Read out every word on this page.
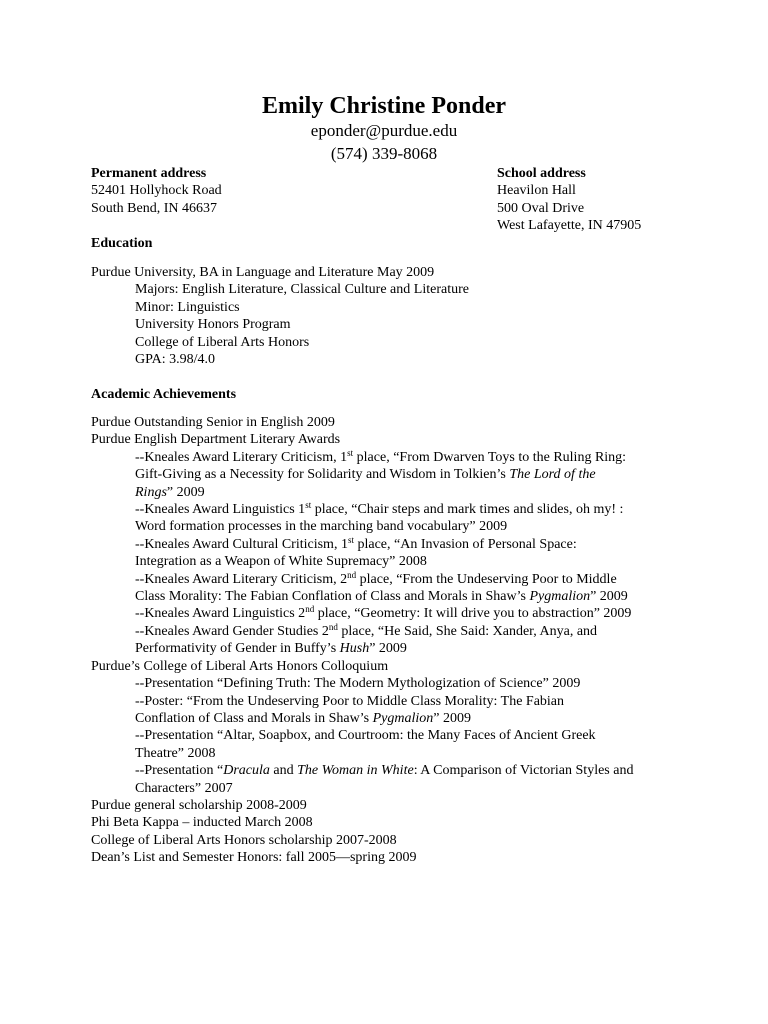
Emily Christine Ponder
eponder@purdue.edu
(574) 339-8068
Permanent address
52401 Hollyhock Road
South Bend, IN 46637
School address
Heavilon Hall
500 Oval Drive
West Lafayette, IN 47905
Education
Purdue University, BA in Language and Literature May 2009
Majors: English Literature, Classical Culture and Literature
Minor: Linguistics
University Honors Program
College of Liberal Arts Honors
GPA: 3.98/4.0
Academic Achievements
Purdue Outstanding Senior in English 2009
Purdue English Department Literary Awards
--Kneales Award Literary Criticism, 1st place, “From Dwarven Toys to the Ruling Ring:
Gift-Giving as a Necessity for Solidarity and Wisdom in Tolkien’s The Lord of the
Rings” 2009
--Kneales Award Linguistics 1st place, “Chair steps and mark times and slides, oh my! :
Word formation processes in the marching band vocabulary” 2009
--Kneales Award Cultural Criticism, 1st place, “An Invasion of Personal Space:
Integration as a Weapon of White Supremacy” 2008
--Kneales Award Literary Criticism, 2nd place, “From the Undeserving Poor to Middle
Class Morality: The Fabian Conflation of Class and Morals in Shaw’s Pygmalion” 2009
--Kneales Award Linguistics 2nd place, “Geometry: It will drive you to abstraction” 2009
--Kneales Award Gender Studies 2nd place, “He Said, She Said: Xander, Anya, and
Performativity of Gender in Buffy’s Hush” 2009
Purdue’s College of Liberal Arts Honors Colloquium
--Presentation “Defining Truth: The Modern Mythologization of Science” 2009
--Poster: “From the Undeserving Poor to Middle Class Morality: The Fabian
Conflation of Class and Morals in Shaw’s Pygmalion” 2009
--Presentation “Altar, Soapbox, and Courtroom: the Many Faces of Ancient Greek
Theatre” 2008
--Presentation “Dracula and The Woman in White: A Comparison of Victorian Styles and
Characters” 2007
Purdue general scholarship 2008-2009
Phi Beta Kappa – inducted March 2008
College of Liberal Arts Honors scholarship 2007-2008
Dean’s List and Semester Honors: fall 2005—spring 2009
